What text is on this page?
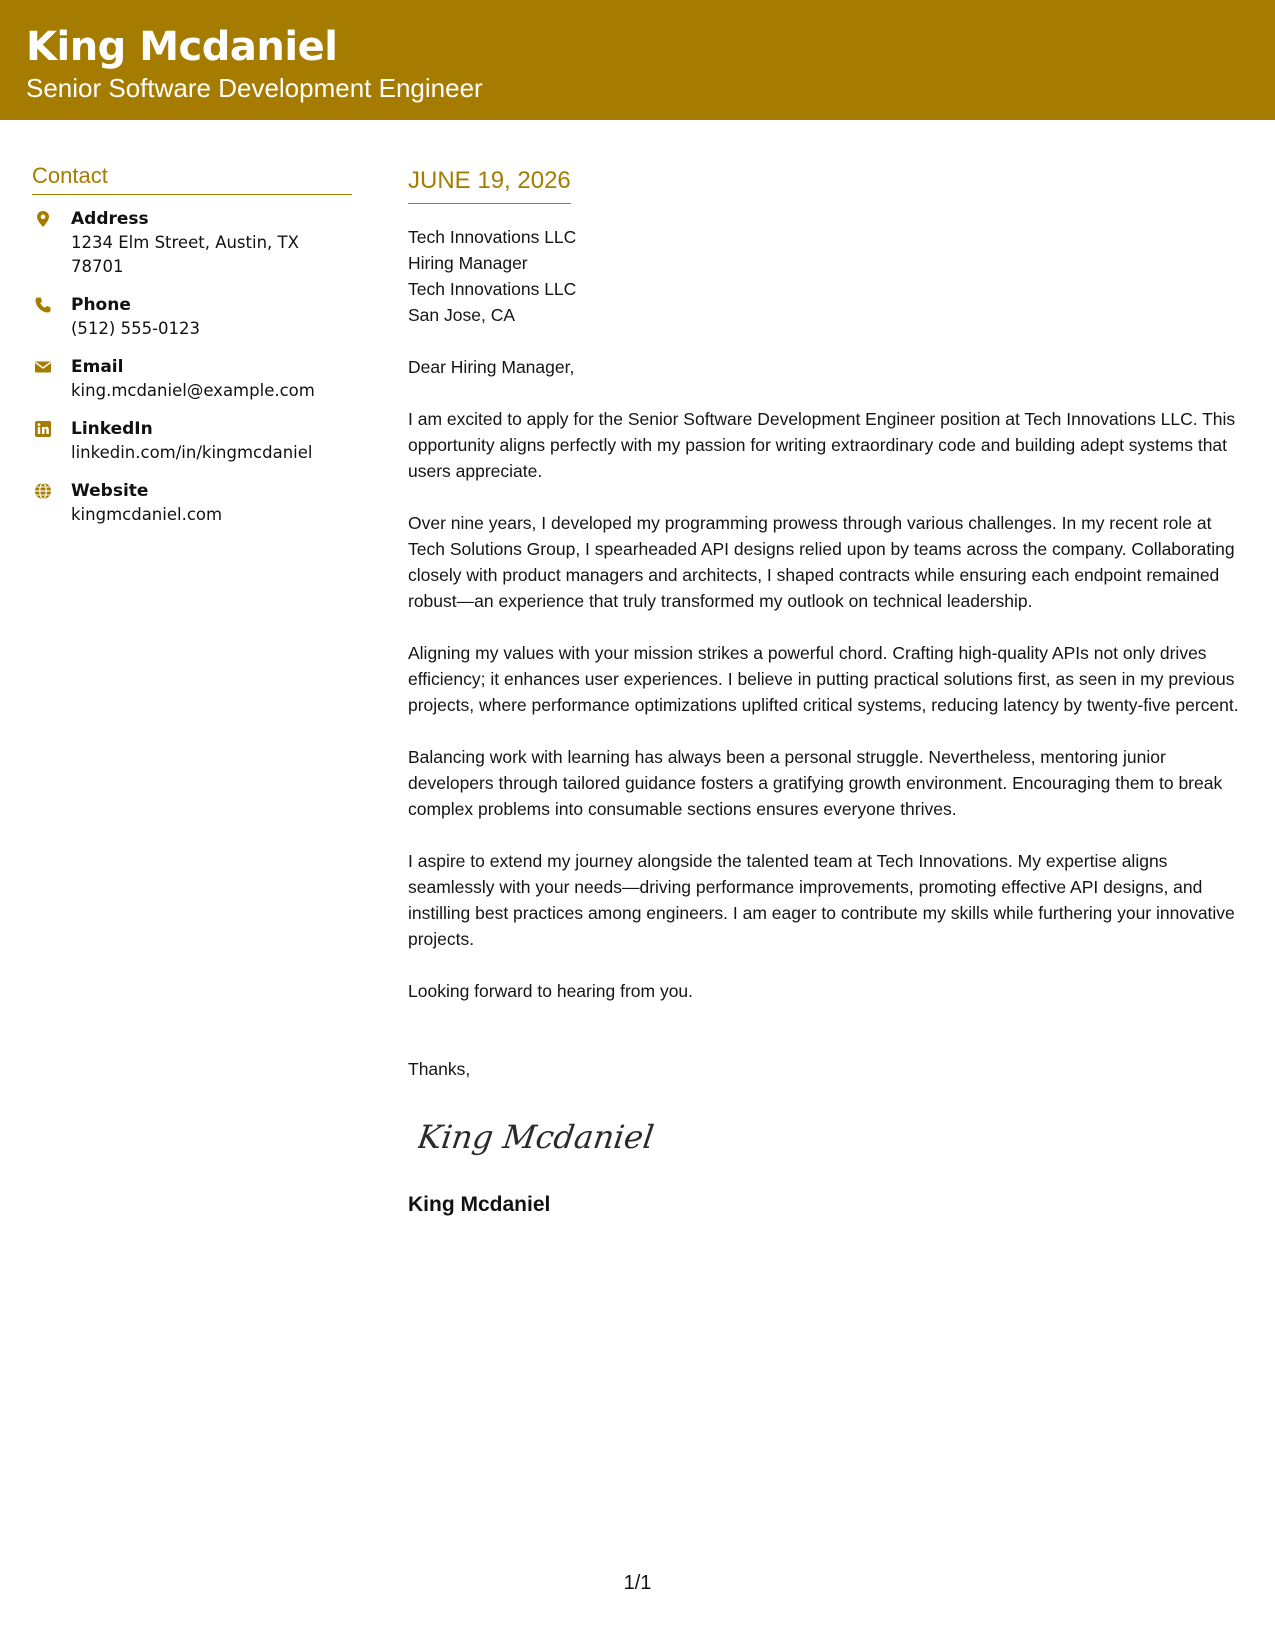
King Mcdaniel
Senior Software Development Engineer
Contact
Address
1234 Elm Street, Austin, TX 78701
Phone
(512) 555-0123
Email
king.mcdaniel@example.com
LinkedIn
linkedin.com/in/kingmcdaniel
Website
kingmcdaniel.com
JUNE 19, 2026
Tech Innovations LLC
Hiring Manager
Tech Innovations LLC
San Jose, CA

Dear Hiring Manager,

I am excited to apply for the Senior Software Development Engineer position at Tech Innovations LLC. This opportunity aligns perfectly with my passion for writing extraordinary code and building adept systems that users appreciate.

Over nine years, I developed my programming prowess through various challenges. In my recent role at Tech Solutions Group, I spearheaded API designs relied upon by teams across the company. Collaborating closely with product managers and architects, I shaped contracts while ensuring each endpoint remained robust—an experience that truly transformed my outlook on technical leadership.

Aligning my values with your mission strikes a powerful chord. Crafting high-quality APIs not only drives efficiency; it enhances user experiences. I believe in putting practical solutions first, as seen in my previous projects, where performance optimizations uplifted critical systems, reducing latency by twenty-five percent.

Balancing work with learning has always been a personal struggle. Nevertheless, mentoring junior developers through tailored guidance fosters a gratifying growth environment. Encouraging them to break complex problems into consumable sections ensures everyone thrives.

I aspire to extend my journey alongside the talented team at Tech Innovations. My expertise aligns seamlessly with your needs—driving performance improvements, promoting effective API designs, and instilling best practices among engineers. I am eager to contribute my skills while furthering your innovative projects.

Looking forward to hearing from you.

Thanks,
King Mcdaniel
King Mcdaniel
1/1
